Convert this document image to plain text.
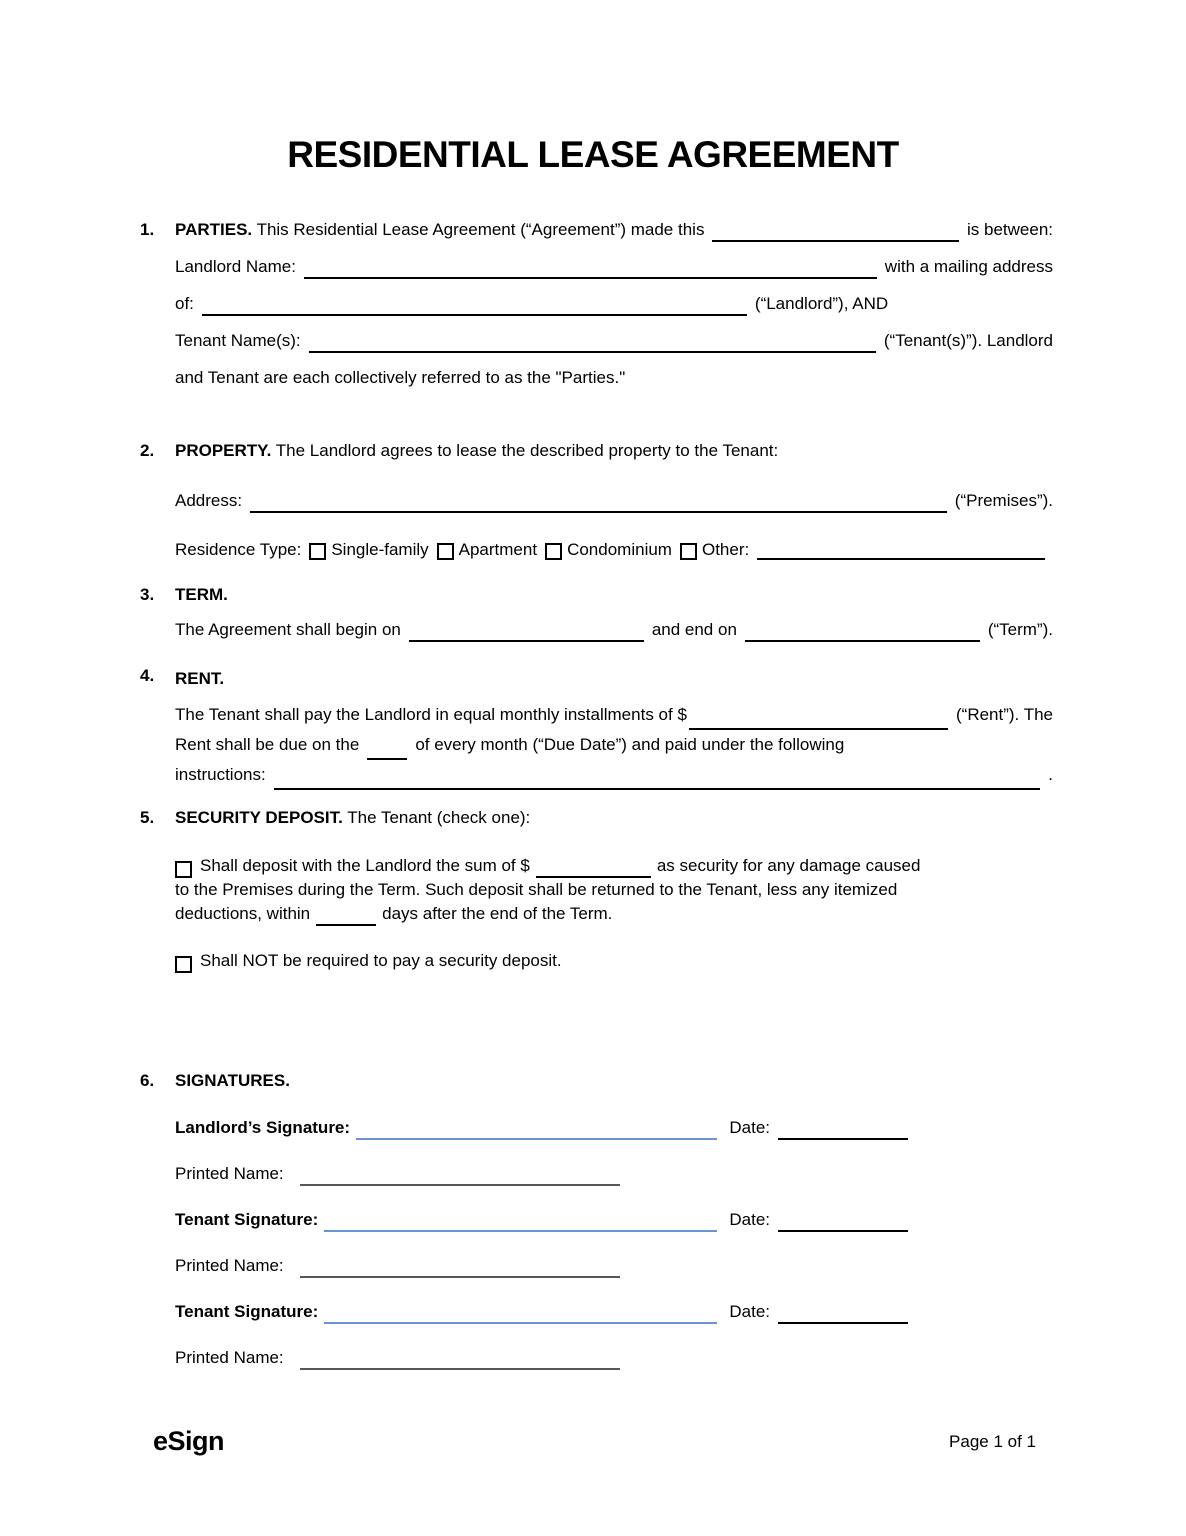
RESIDENTIAL LEASE AGREEMENT
1.	PARTIES. This Residential Lease Agreement (“Agreement”) made this	is between:
Landlord Name:	with a mailing address
of:	(“Landlord”), AND
Tenant Name(s):	(“Tenant(s)”). Landlord
and Tenant are each collectively referred to as the "Parties."
2.	PROPERTY. The Landlord agrees to lease the described property to the Tenant:
Address:	(“Premises”).
Residence Type: Single-family Apartment Condominium Other:
3.	TERM.
The Agreement shall begin on	and end on	(“Term”).
4.	RENT.
The Tenant shall pay the Landlord in equal monthly installments of $	(“Rent”). The
Rent shall be due on the	of every month (“Due Date”) and paid under the following
instructions:	.
5.	SECURITY DEPOSIT. The Tenant (check one):
Shall deposit with the Landlord the sum of $	as security for any damage caused
to the Premises during the Term. Such deposit shall be returned to the Tenant, less any itemized
deductions, within	days after the end of the Term.
Shall NOT be required to pay a security deposit.
6.	SIGNATURES.
Landlord’s Signature:	Date:
Printed Name:
Tenant Signature:	Date:
Printed Name:
Tenant Signature:	Date:
Printed Name:
eSign	Page 1 of 1
